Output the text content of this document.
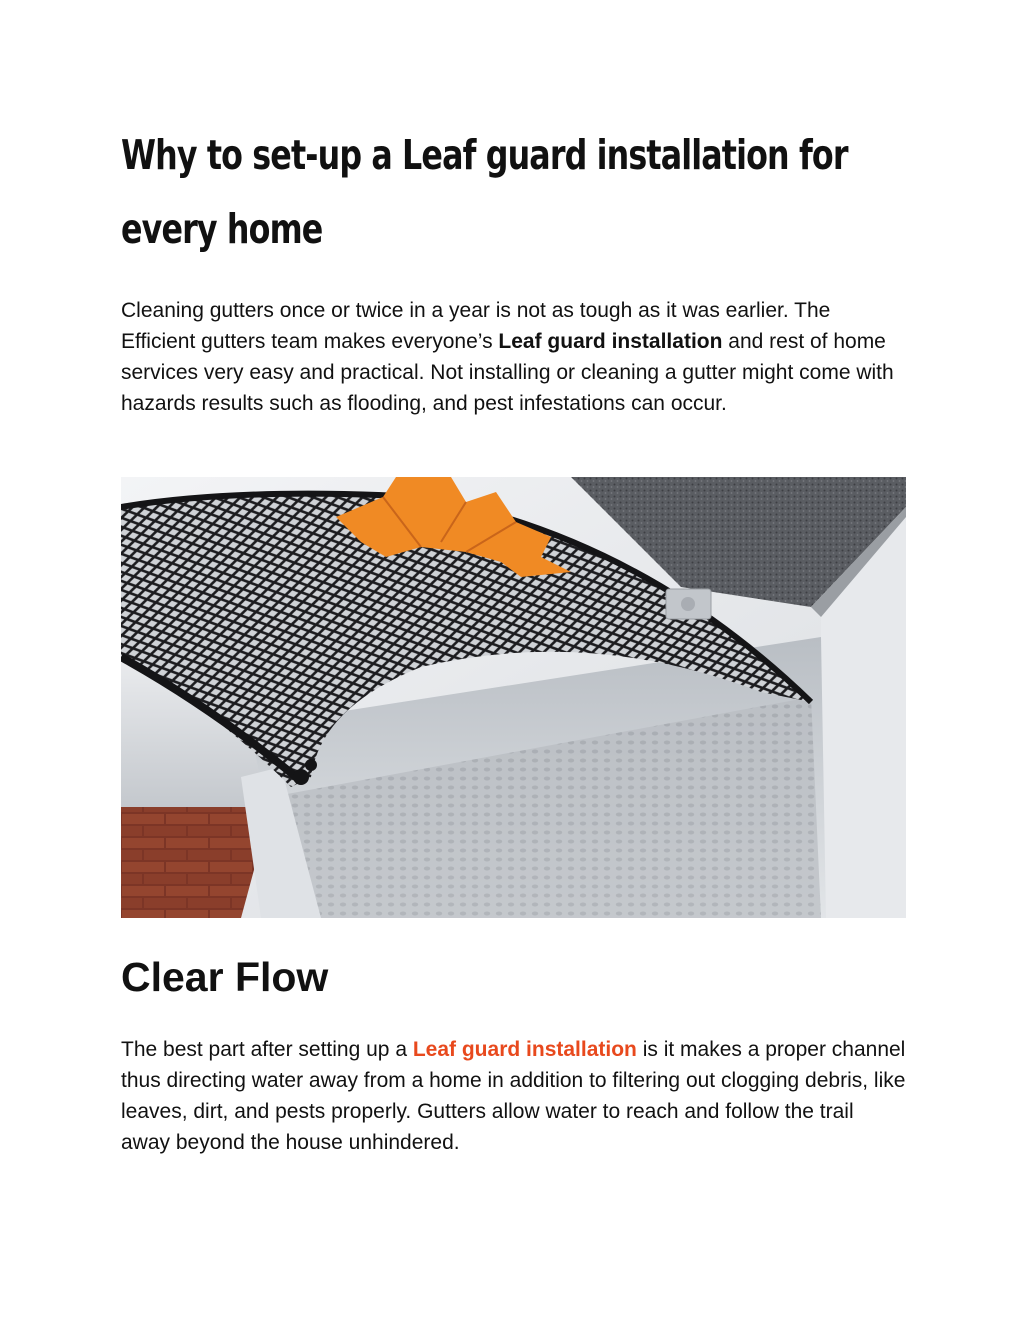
Why to set-up a Leaf guard installation for every home

Cleaning gutters once or twice in a year is not as tough as it was earlier. The Efficient gutters team makes everyone’s Leaf guard installation and rest of home services very easy and practical. Not installing or cleaning a gutter might come with hazards results such as flooding, and pest infestations can occur.

Clear Flow

The best part after setting up a Leaf guard installation is it makes a proper channel thus directing water away from a home in addition to filtering out clogging debris, like leaves, dirt, and pests properly. Gutters allow water to reach and follow the trail away beyond the house unhindered.
